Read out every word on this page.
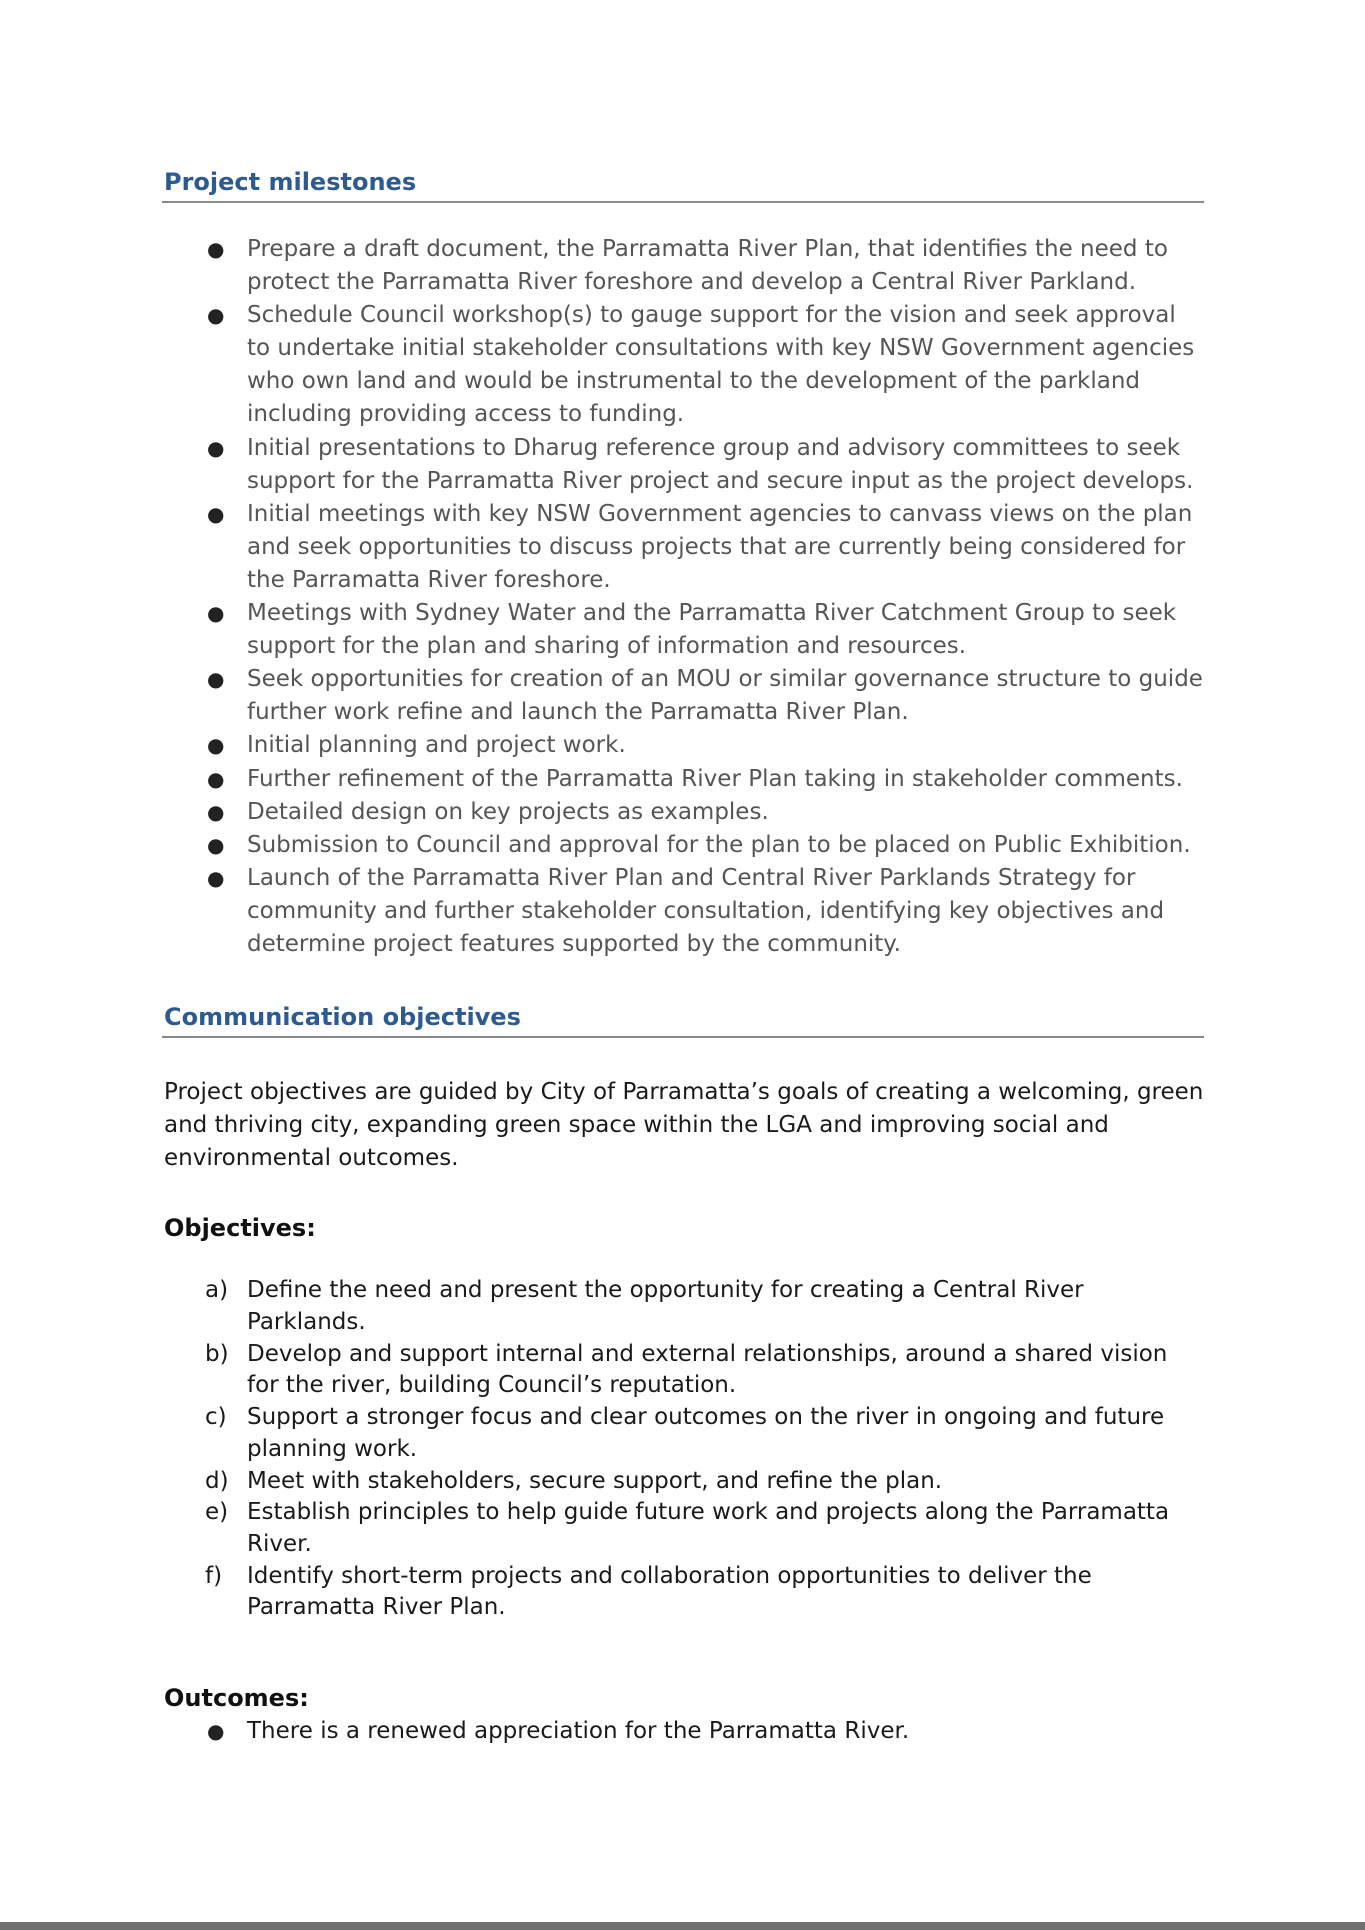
Project milestones
● Prepare a draft document, the Parramatta River Plan, that identifies the need to protect the Parramatta River foreshore and develop a Central River Parkland.
● Schedule Council workshop(s) to gauge support for the vision and seek approval to undertake initial stakeholder consultations with key NSW Government agencies who own land and would be instrumental to the development of the parkland including providing access to funding.
● Initial presentations to Dharug reference group and advisory committees to seek support for the Parramatta River project and secure input as the project develops.
● Initial meetings with key NSW Government agencies to canvass views on the plan and seek opportunities to discuss projects that are currently being considered for the Parramatta River foreshore.
● Meetings with Sydney Water and the Parramatta River Catchment Group to seek support for the plan and sharing of information and resources.
● Seek opportunities for creation of an MOU or similar governance structure to guide further work refine and launch the Parramatta River Plan.
● Initial planning and project work.
● Further refinement of the Parramatta River Plan taking in stakeholder comments.
● Detailed design on key projects as examples.
● Submission to Council and approval for the plan to be placed on Public Exhibition.
● Launch of the Parramatta River Plan and Central River Parklands Strategy for community and further stakeholder consultation, identifying key objectives and determine project features supported by the community.
Communication objectives

Project objectives are guided by City of Parramatta’s goals of creating a welcoming, green and thriving city, expanding green space within the LGA and improving social and environmental outcomes.

Objectives:

a) Define the need and present the opportunity for creating a Central River Parklands.
b) Develop and support internal and external relationships, around a shared vision for the river, building Council’s reputation.
c) Support a stronger focus and clear outcomes on the river in ongoing and future planning work.
d) Meet with stakeholders, secure support, and refine the plan.
e) Establish principles to help guide future work and projects along the Parramatta River.
f) Identify short-term projects and collaboration opportunities to deliver the Parramatta River Plan.

Outcomes:

● There is a renewed appreciation for the Parramatta River.
